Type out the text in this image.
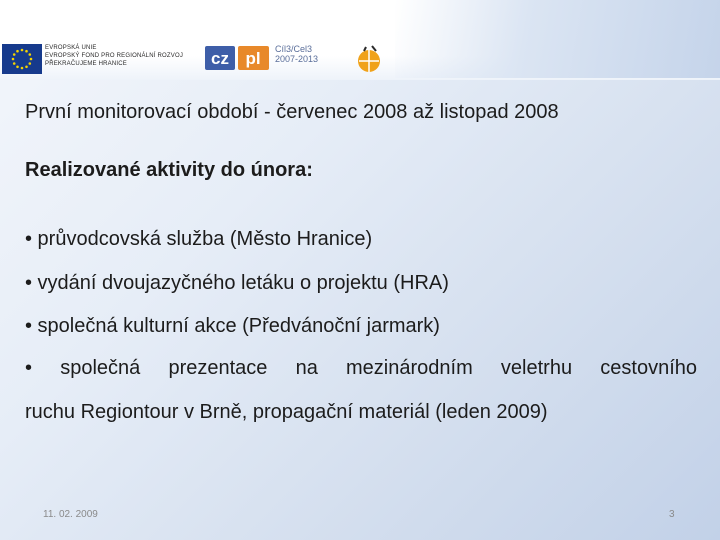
EVROPSKÁ UNIE
EVROPSKÝ FOND PRO REGIONÁLNÍ ROZVOJ
PŘEKRAČUJEME HRANICE	cz pl Cíl3/Cel3
2007-2013
První monitorovací období - červenec 2008 až listopad 2008
Realizované aktivity do února:
• průvodcovská služba (Město Hranice)
• vydání dvoujazyčného letáku o projektu (HRA)
• společná kulturní akce (Předvánoční jarmark)
• společná prezentace na mezinárodním veletrhu cestovního
ruchu Regiontour v Brně, propagační materiál (leden 2009)
11. 02. 2009	3
